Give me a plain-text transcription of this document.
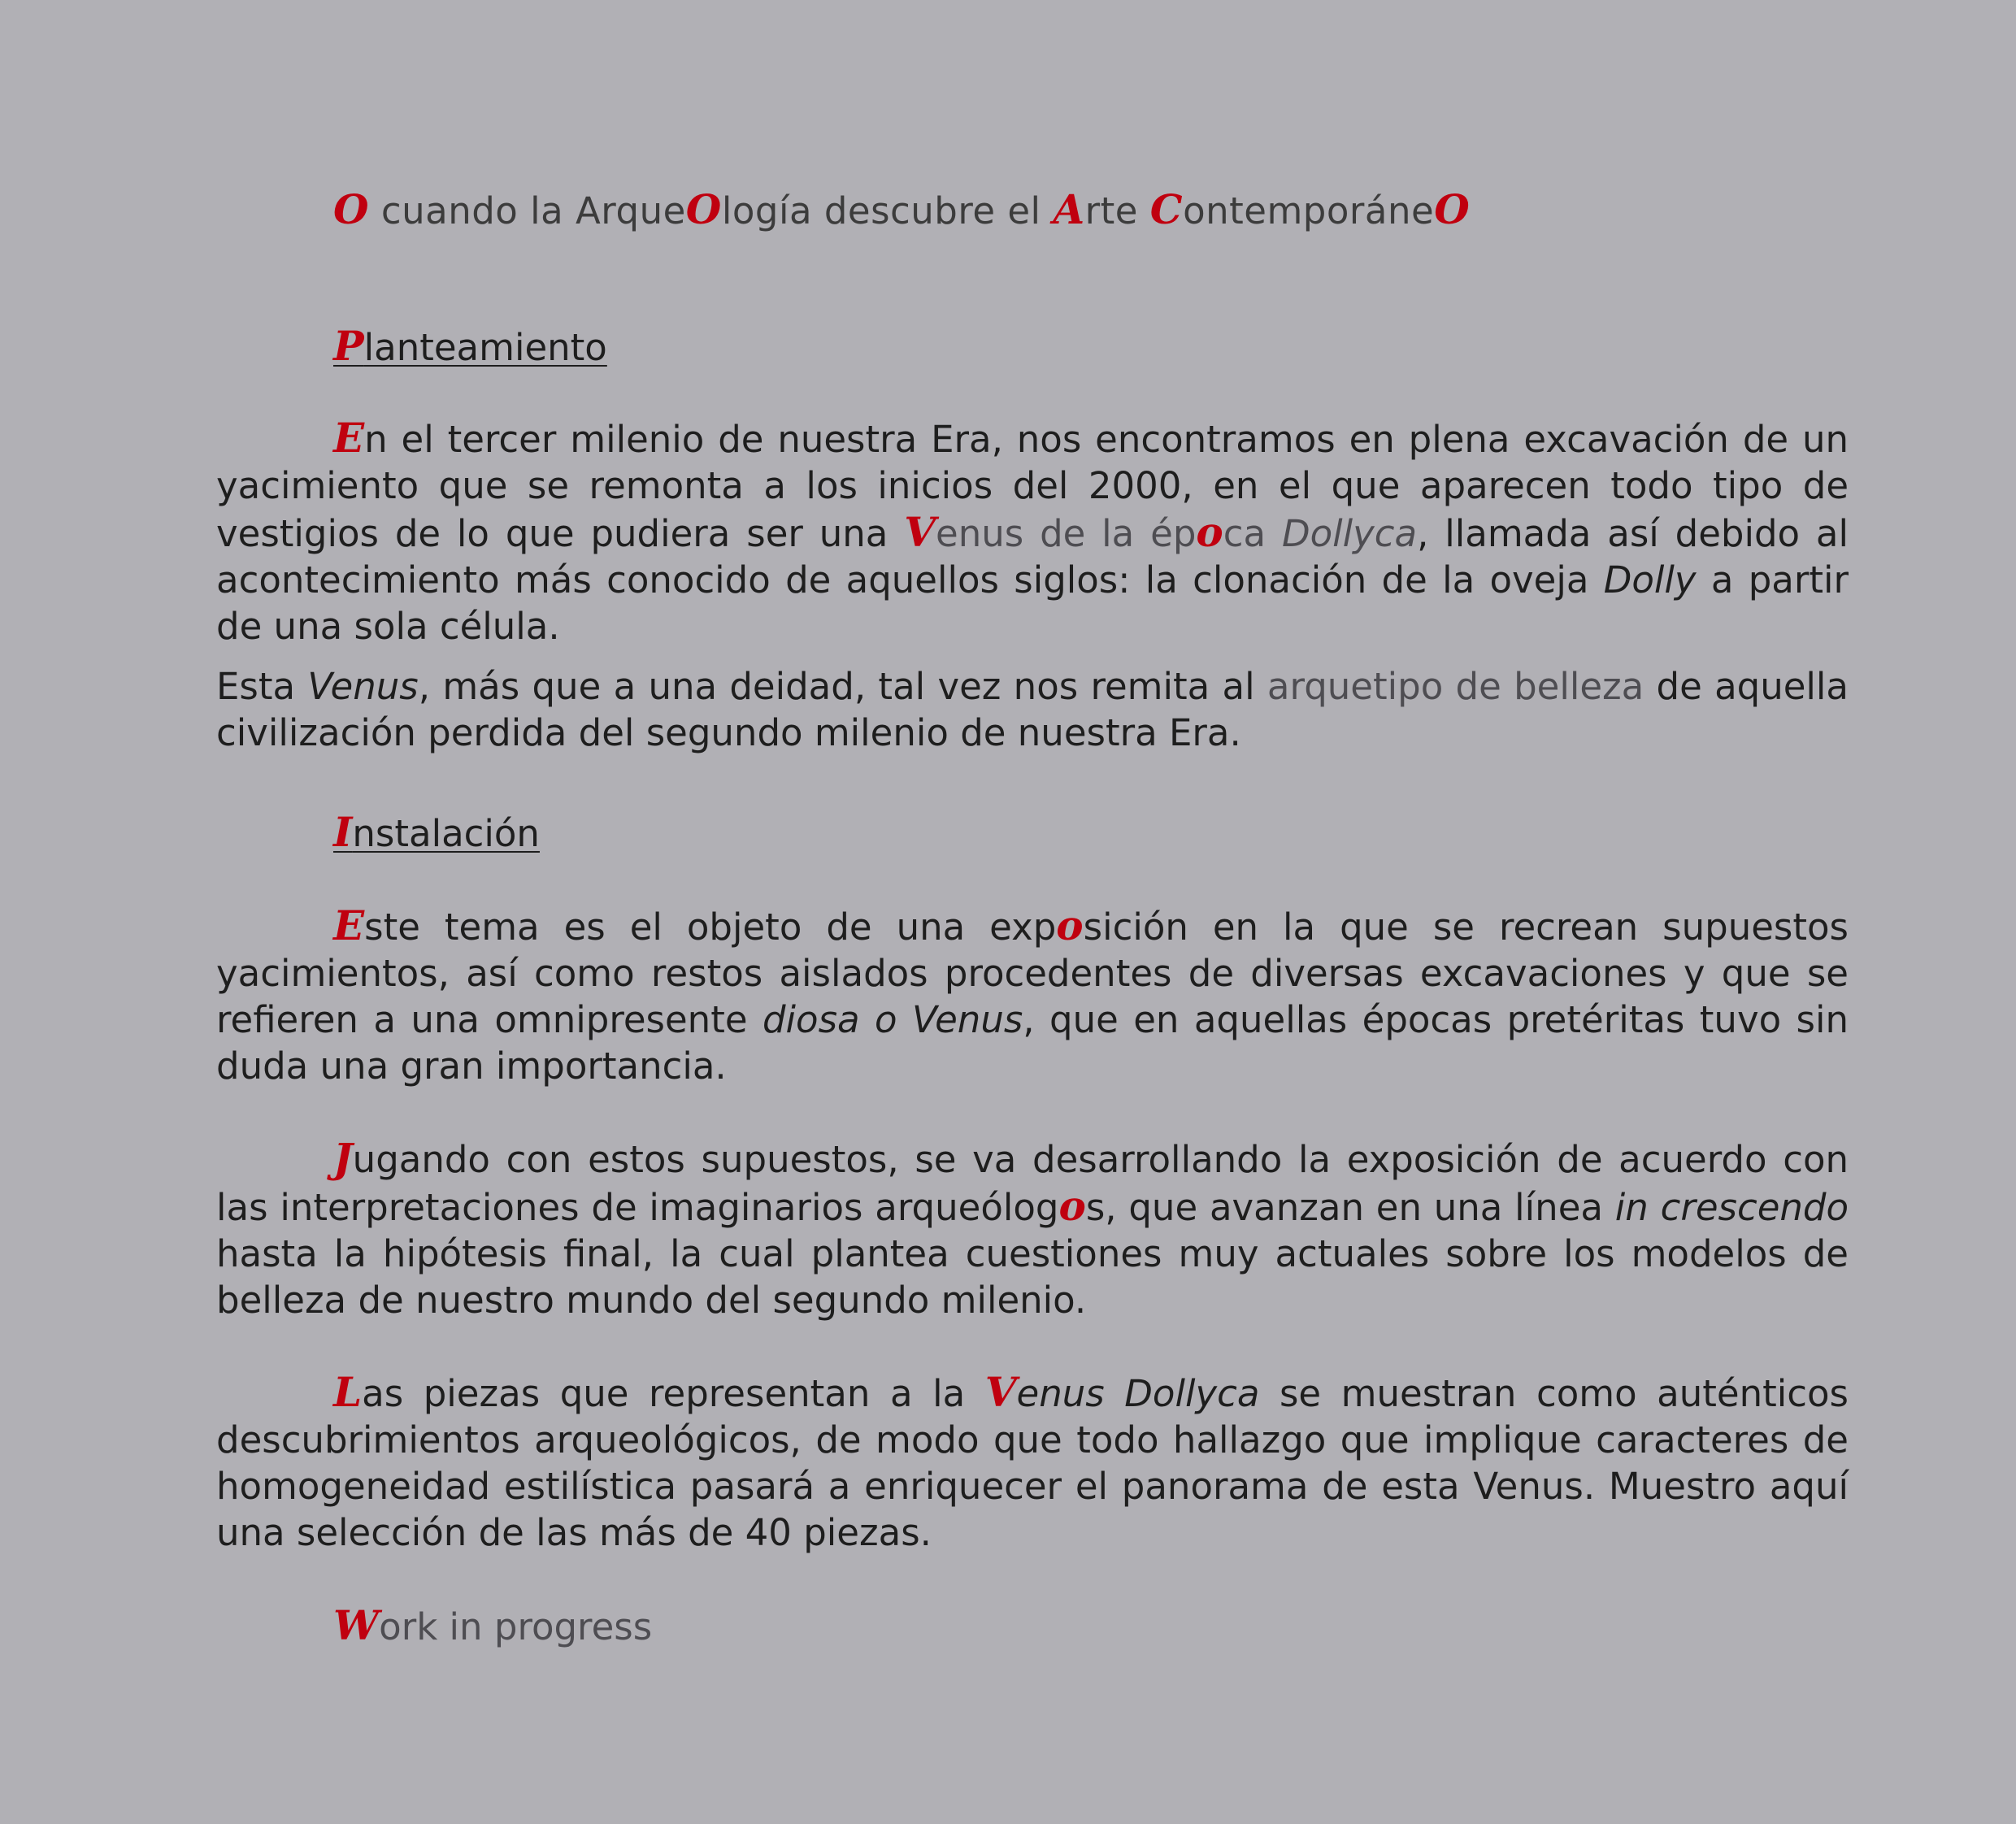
O cuando la ArqueOlogía descubre el Arte ContemporáneO
Planteamiento
En el tercer milenio de nuestra Era, nos encontramos en plena excavación de un yacimiento que se remonta a los inicios del 2000, en el que aparecen todo tipo de vestigios de lo que pudiera ser una Venus de la época Dollyca, llamada así debido al acontecimiento más conocido de aquellos siglos: la clonación de la oveja Dolly a partir de una sola célula.
Esta Venus, más que a una deidad, tal vez nos remita al arquetipo de belleza de aquella civilización perdida del segundo milenio de nuestra Era.
Instalación
Este tema es el objeto de una exposición en la que se recrean supuestos yacimientos, así como restos aislados procedentes de diversas excavaciones y que se refieren a una omnipresente diosa o Venus, que en aquellas épocas pretéritas tuvo sin duda una gran importancia.
Jugando con estos supuestos, se va desarrollando la exposición de acuerdo con las interpretaciones de imaginarios arqueólogos, que avanzan en una línea in crescendo hasta la hipótesis final, la cual plantea cuestiones muy actuales sobre los modelos de belleza de nuestro mundo del segundo milenio.
Las piezas que representan a la Venus Dollyca se muestran como auténticos descubrimientos arqueológicos, de modo que todo hallazgo que implique caracteres de homogeneidad estilística pasará a enriquecer el panorama de esta Venus. Muestro aquí una selección de las más de 40 piezas.
Work in progress
